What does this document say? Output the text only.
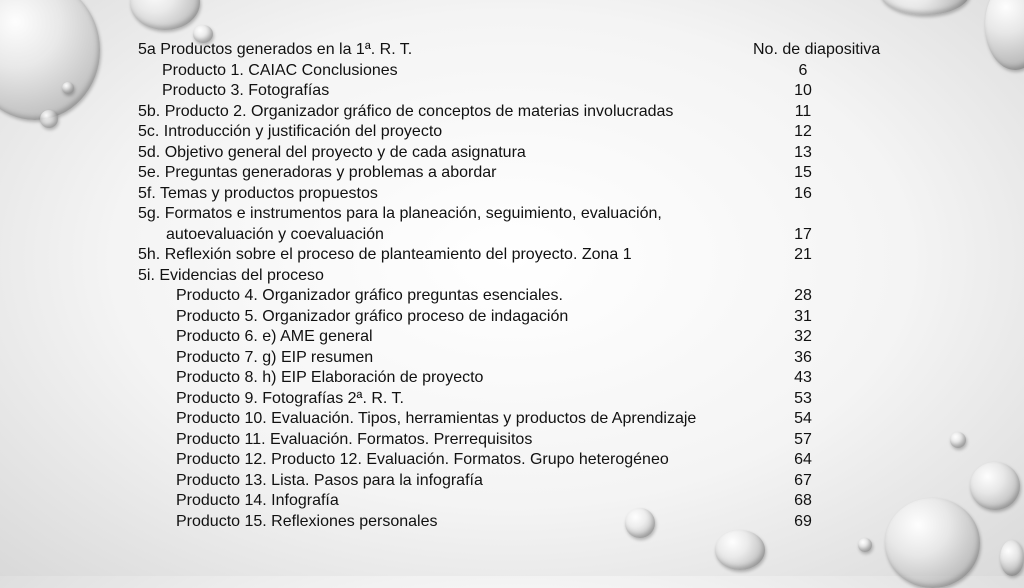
5a Productos generados en la 1ª. R. T.	No. de diapositiva
Producto 1. CAIAC Conclusiones	6
Producto 3. Fotografías	10
5b. Producto 2. Organizador gráfico de conceptos de materias involucradas	11
5c. Introducción y justificación del proyecto	12
5d. Objetivo general del proyecto y de cada asignatura	13
5e. Preguntas generadoras y problemas a abordar	15
5f. Temas y productos propuestos	16
5g. Formatos e instrumentos para la planeación, seguimiento, evaluación,
autoevaluación y coevaluación	17
5h. Reflexión sobre el proceso de planteamiento del proyecto. Zona 1	21
5i. Evidencias del proceso
Producto 4. Organizador gráfico preguntas esenciales.	28
Producto 5. Organizador gráfico proceso de indagación	31
Producto 6. e) AME general	32
Producto 7. g) EIP resumen	36
Producto 8. h) EIP Elaboración de proyecto	43
Producto 9. Fotografías 2ª. R. T.	53
Producto 10. Evaluación. Tipos, herramientas y productos de Aprendizaje	54
Producto 11. Evaluación. Formatos. Prerrequisitos	57
Producto 12. Producto 12. Evaluación. Formatos. Grupo heterogéneo	64
Producto 13. Lista. Pasos para la infografía	67
Producto 14. Infografía	68
Producto 15. Reflexiones personales	69
